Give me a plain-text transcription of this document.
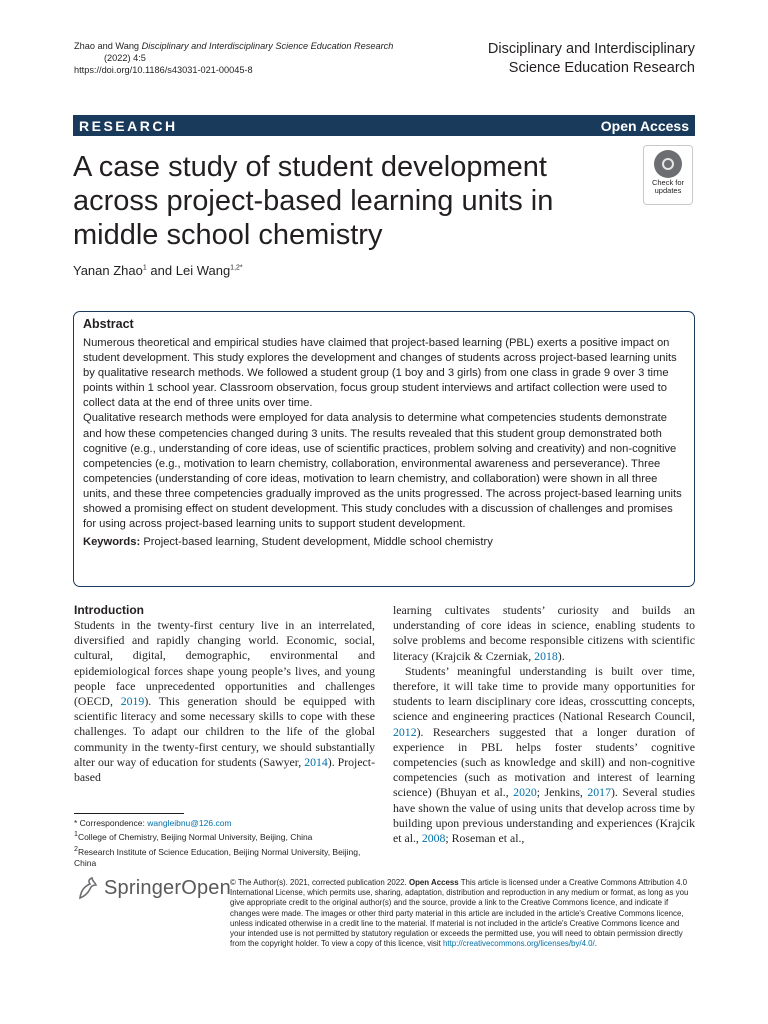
Zhao and Wang Disciplinary and Interdisciplinary Science Education Research
(2022) 4:5
https://doi.org/10.1186/s43031-021-00045-8
Disciplinary and Interdisciplinary
Science Education Research
RESEARCH	Open Access
A case study of student development across project-based learning units in middle school chemistry
Check for
updates
Yanan Zhao$^1$ and Lei Wang$^{1,2*}$
Abstract

Numerous theoretical and empirical studies have claimed that project-based learning (PBL) exerts a positive impact on student development. This study explores the development and changes of students across project-based learning units by qualitative research methods. We followed a student group (1 boy and 3 girls) from one class in grade 9 over 3 time points within 1 school year. Classroom observation, focus group student interviews and artifact collection were used to collect data at the end of three units over time.

Qualitative research methods were employed for data analysis to determine what competencies students demonstrate and how these competencies changed during 3 units. The results revealed that this student group demonstrated both cognitive (e.g., understanding of core ideas, use of scientific practices, problem solving and creativity) and non-cognitive competencies (e.g., motivation to learn chemistry, collaboration, environmental awareness and perseverance). Three competencies (understanding of core ideas, motivation to learn chemistry, and collaboration) were shown in all three units, and these three competencies gradually improved as the units progressed. The across project-based learning units showed a promising effect on student development. This study concludes with a discussion of challenges and promises for using across project-based learning units to support student development.

Keywords: Project-based learning, Student development, Middle school chemistry

Introduction

Students in the twenty-first century live in an interrelated, diversified and rapidly changing world. Economic, social, cultural, digital, demographic, environmental and epidemiological forces shape young people’s lives, and young people face unprecedented opportunities and challenges (OECD, 2019). This generation should be equipped with scientific literacy and some necessary skills to cope with these challenges. To adapt our children to the life of the global community in the twenty-first century, we should substantially alter our way of education for students (Sawyer, 2014). Project-based

learning cultivates students’ curiosity and builds an understanding of core ideas in science, enabling students to solve problems and become responsible citizens with scientific literacy (Krajcik & Czerniak, 2018).

Students’ meaningful understanding is built over time, therefore, it will take time to provide many opportunities for students to learn disciplinary core ideas, crosscutting concepts, science and engineering practices (National Research Council, 2012). Researchers suggested that a longer duration of experience in PBL helps foster students’ cognitive competencies (such as knowledge and skill) and non-cognitive competencies (such as motivation and interest of learning science) (Bhuyan et al., 2020; Jenkins, 2017). Several studies have shown the value of using units that develop across time by building upon previous understanding and experiences (Krajcik et al., 2008; Roseman et al.,

* Correspondence: wangleibnu@126.com
$^1$College of Chemistry, Beijing Normal University, Beijing, China
$^2$Research Institute of Science Education, Beijing Normal University, Beijing, China
SpringerOpen © The Author(s). 2021, corrected publication 2022. Open Access This article is licensed under a Creative Commons Attribution 4.0 International License, which permits use, sharing, adaptation, distribution and reproduction in any medium or format, as long as you give appropriate credit to the original author(s) and the source, provide a link to the Creative Commons licence, and indicate if changes were made. The images or other third party material in this article are included in the article's Creative Commons licence, unless indicated otherwise in a credit line to the material. If material is not included in the article's Creative Commons licence and your intended use is not permitted by statutory regulation or exceeds the permitted use, you will need to obtain permission directly from the copyright holder. To view a copy of this licence, visit http://creativecommons.org/licenses/by/4.0/.
